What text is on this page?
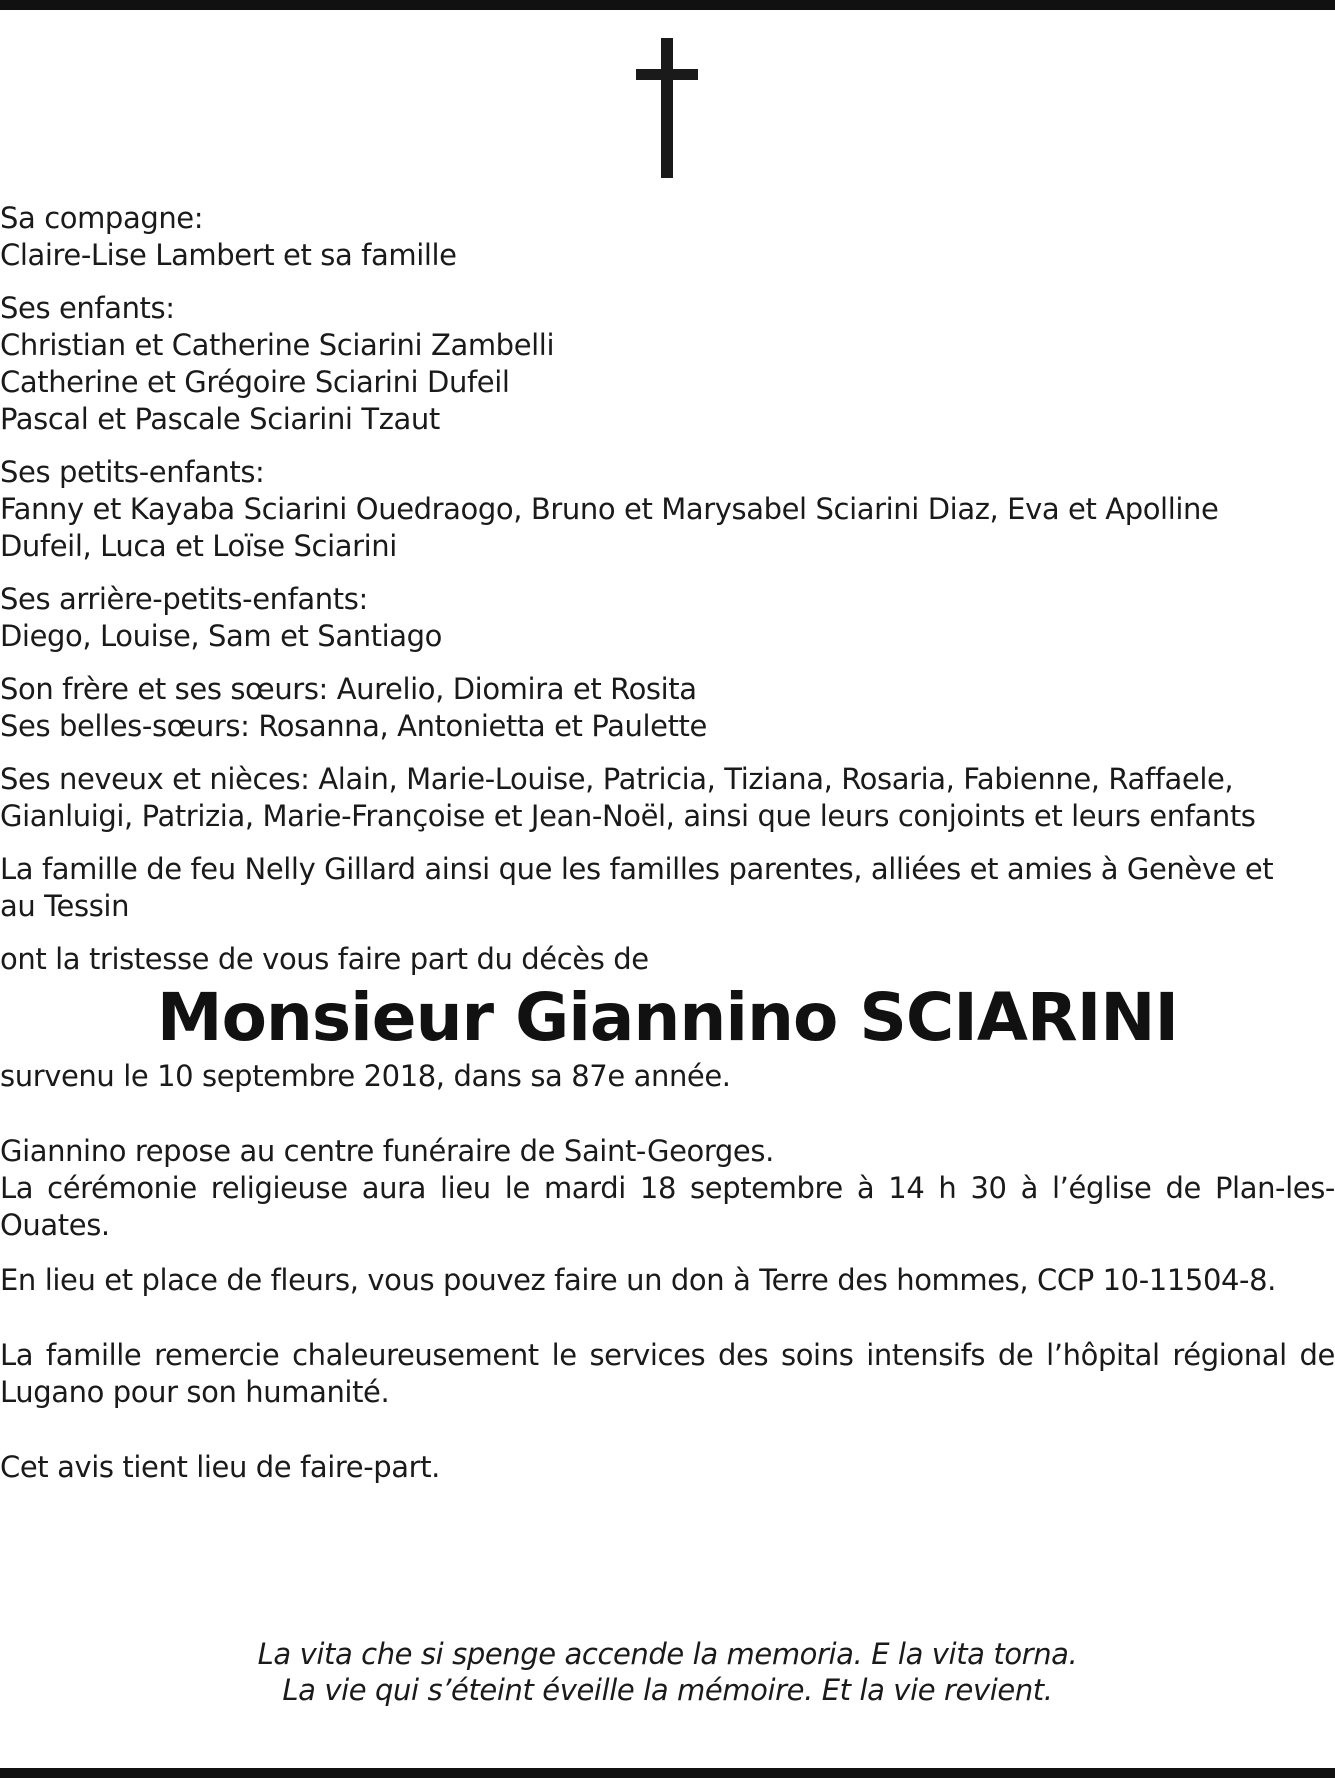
Sa compagne:
Claire-Lise Lambert et sa famille
Ses enfants:
Christian et Catherine Sciarini Zambelli
Catherine et Grégoire Sciarini Dufeil
Pascal et Pascale Sciarini Tzaut
Ses petits-enfants:
Fanny et Kayaba Sciarini Ouedraogo, Bruno et Marysabel Sciarini Diaz, Eva et Apolline
Dufeil, Luca et Loïse Sciarini
Ses arrière-petits-enfants:
Diego, Louise, Sam et Santiago
Son frère et ses sœurs: Aurelio, Diomira et Rosita
Ses belles-sœurs: Rosanna, Antonietta et Paulette
Ses neveux et nièces: Alain, Marie-Louise, Patricia, Tiziana, Rosaria, Fabienne, Raffaele,
Gianluigi, Patrizia, Marie-Françoise et Jean-Noël, ainsi que leurs conjoints et leurs enfants
La famille de feu Nelly Gillard ainsi que les familles parentes, alliées et amies à Genève et
au Tessin

ont la tristesse de vous faire part du décès de

Monsieur Giannino SCIARINI

survenu le 10 septembre 2018, dans sa 87e année.

Giannino repose au centre funéraire de Saint-Georges.

La cérémonie religieuse aura lieu le mardi 18 septembre à 14 h 30 à l’église de Plan-les-Ouates.

En lieu et place de fleurs, vous pouvez faire un don à Terre des hommes, CCP 10-11504-8.

La famille remercie chaleureusement le services des soins intensifs de l’hôpital régional de Lugano pour son humanité.

Cet avis tient lieu de faire-part.

La vita che si spenge accende la memoria. E la vita torna.
La vie qui s’éteint éveille la mémoire. Et la vie revient.
